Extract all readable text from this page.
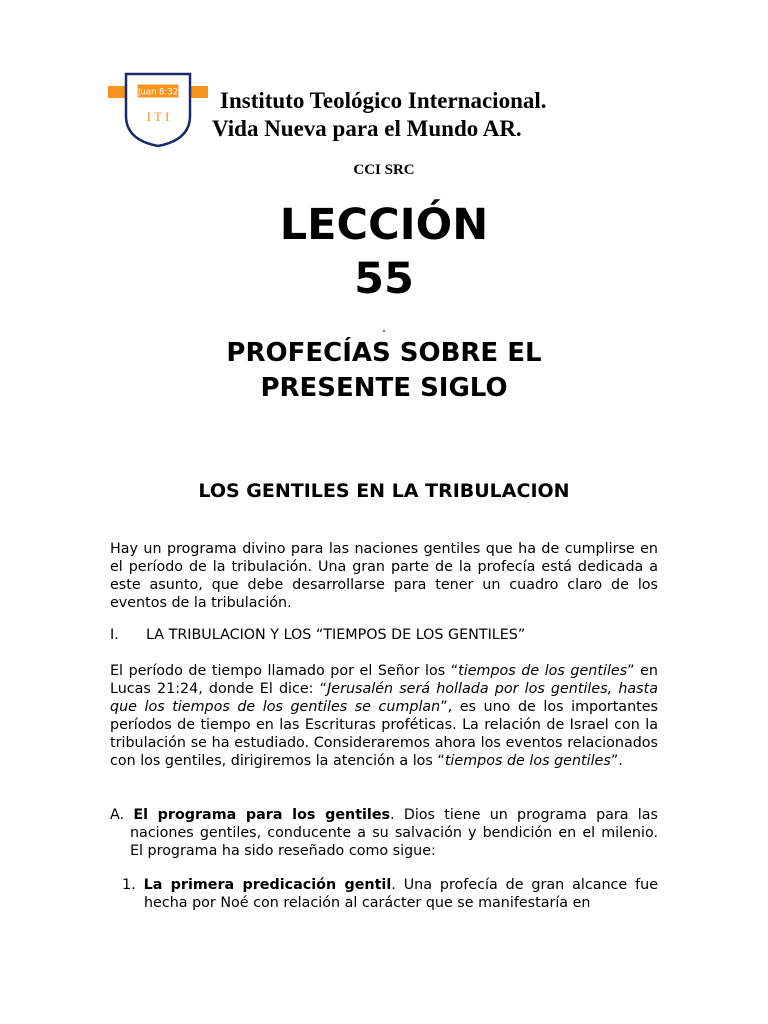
Juan 8:32
I T I
Instituto Teológico Internacional.
Vida Nueva para el Mundo AR.
CCI SRC
LECCIÓN
55
PROFECÍAS SOBRE EL
PRESENTE SIGLO
LOS GENTILES EN LA TRIBULACION
Hay un programa divino para las naciones gentiles que ha de cumplirse en el período de la tribulación. Una gran parte de la profecía está dedicada a este asunto, que debe desarrollarse para tener un cuadro claro de los eventos de la tribulación.
I. LA TRIBULACION Y LOS “TIEMPOS DE LOS GENTILES”
El período de tiempo llamado por el Señor los “tiempos de los gentiles” en Lucas 21:24, donde El dice: “Jerusalén será hollada por los gentiles, hasta que los tiempos de los gentiles se cumplan”, es uno de los importantes períodos de tiempo en las Escrituras proféticas. La relación de Israel con la tribulación se ha estudiado. Consideraremos ahora los eventos relacionados con los gentiles, dirigiremos la atención a los “tiempos de los gentiles”.
A. El programa para los gentiles. Dios tiene un programa para las naciones gentiles, conducente a su salvación y bendición en el milenio. El programa ha sido reseñado como sigue:
1. La primera predicación gentil. Una profecía de gran alcance fue hecha por Noé con relación al carácter que se manifestaría en
